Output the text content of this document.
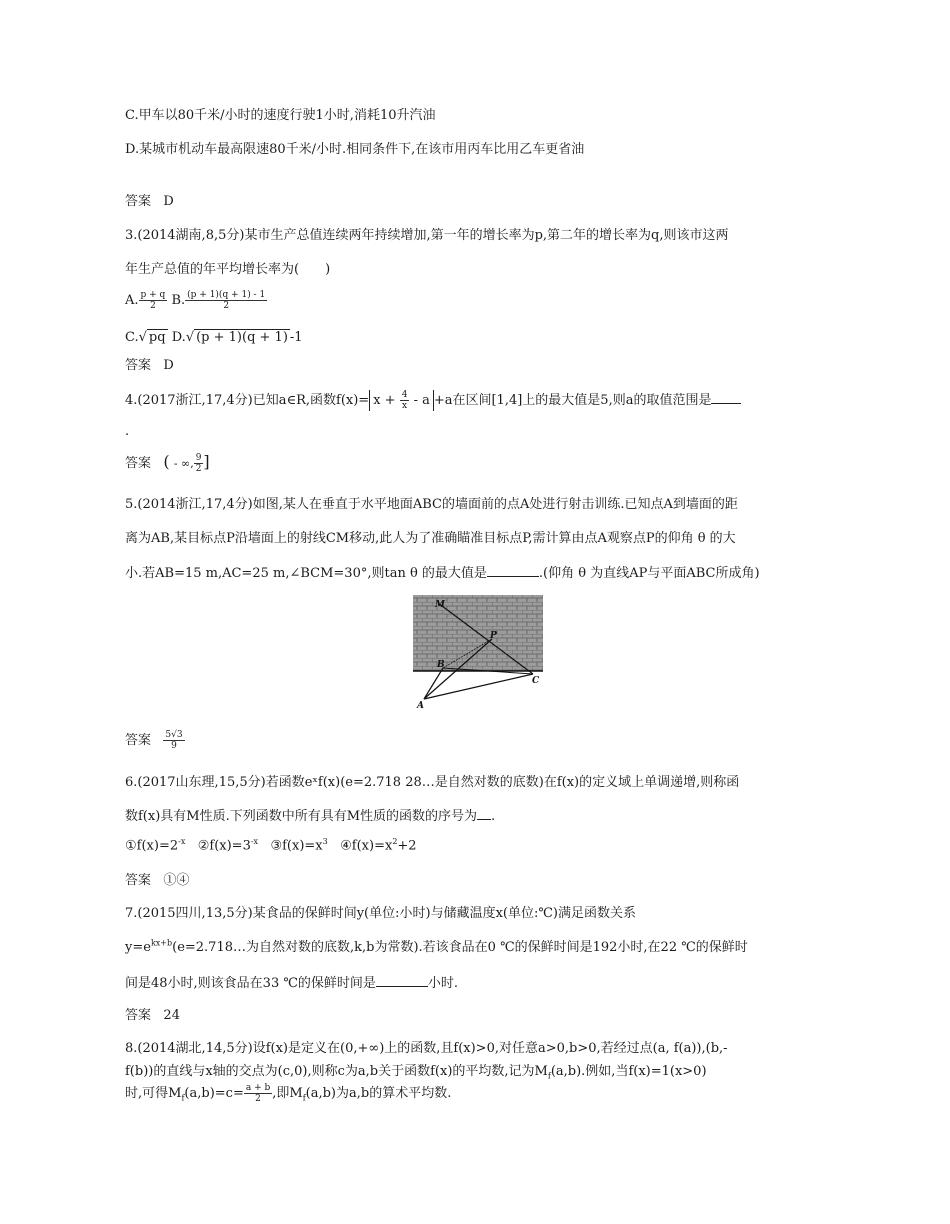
C.甲车以80千米/小时的速度行驶1小时,消耗10升汽油
D.某城市机动车最高限速80千米/小时.相同条件下,在该市用丙车比用乙车更省油
答案 D
3.(2014湖南,8,5分)某市生产总值连续两年持续增加,第一年的增长率为p,第二年的增长率为q,则该市这两
年生产总值的年平均增长率为(　　)
A. $\frac{p + q}{2} B$. $\frac{(p + 1)(q + 1) - 1}{2}$
C.√ pq D.√ (p + 1)(q + 1) -1
答案 D
4.(2017浙江,17,4分)已知a∈R,函数$f(x)= x + \frac{4}{x} - a +a$在区间[1,4]上的最大值是5,则a的取值范围是
.
答案 ( - ∞, $\frac{9}{2}$ ]
5.(2014浙江,17,4分)如图,某人在垂直于水平地面ABC的墙面前的点A处进行射击训练.已知点A到墙面的距
离为AB,某目标点P沿墙面上的射线CM移动,此人为了准确瞄准目标点P,需计算由点A观察点P的仰角 θ 的大
小.若AB=15 m,AC=25 m,∠BCM=30°,则tan θ 的最大值是	.(仰角 θ 为直线AP与平面ABC所成角)
M
P
B
C
A
答案 $\frac{5√3}{9}$
6.(2017山东理,15,5分)若函数eˣf(x)(e=2.718 28…是自然对数的底数)在f(x)的定义域上单调递增,则称函
数f(x)具有M性质.下列函数中所有具有M性质的函数的序号为 .
$①f(x)=2^{-x}$ $②f(x)=3^{-x}$ $③f(x)=x^3$ $④f(x)=x^2+2$
答案 ①④
7.(2015四川,13,5分)某食品的保鲜时间y(单位:小时)与储藏温度x(单位:℃)满足函数关系
$y=e^{kx+b}(e=2.718\dots$为自然对数的底数,k,b为常数).若该食品在0 ℃的保鲜时间是192小时,在22 ℃的保鲜时
间是48小时,则该食品在33 ℃的保鲜时间是	小时.
答案 24
8.(2014湖北,14,5分)设f(x)是定义在(0,+∞)上的函数,且f(x)>0,对任意a>0,b>0,若经过点(a, f(a)),(b,-
f(b))的直线与x轴的交点为(c,0),则称c为a,b关于函数f(x)的平均数,记为$M_f(a,b)$.例如,当f(x)=1(x>0)
时,可得$M_f(a,b)=c= \frac{a + b}{2}$ ,即$M_f(a,b)$为a,b的算术平均数.
